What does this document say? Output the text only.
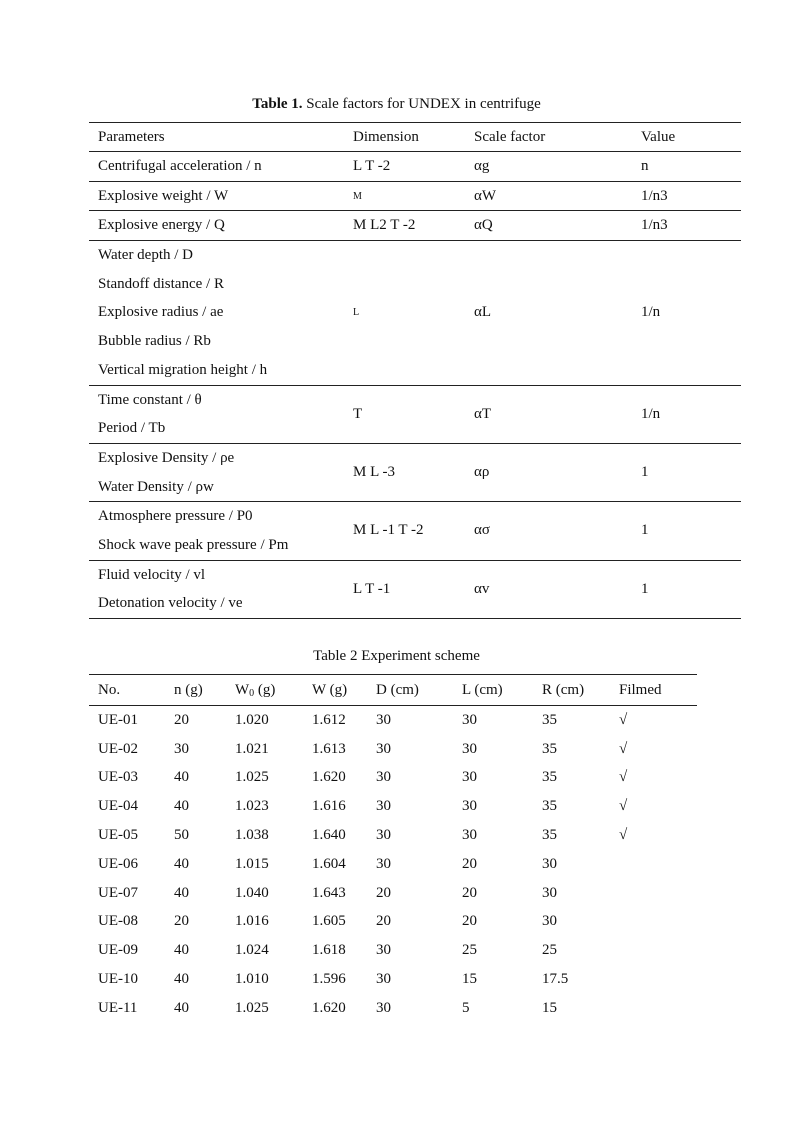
Table 1. Scale factors for UNDEX in centrifuge
Parameters	Dimension	Scale factor	Value

Centrifugal acceleration / n	L T -2	αg	n

Explosive weight / W	M	αW	1/n3

Explosive energy / Q	M L2 T -2	αQ	1/n3

Water depth / D
Standoff distance / R
Explosive radius / ae
Bubble radius / Rb
Vertical migration height / h	L	αL	1/n

Time constant / θ
Period / Tb	T	αT	1/n

Explosive Density / ρe
Water Density / ρw	M L -3	αρ	1

Atmosphere pressure / P0
Shock wave peak pressure / Pm	M L -1 T -2	ασ	1

Fluid velocity / vl
Detonation velocity / ve	L T -1	αv	1
Table 2 Experiment scheme
No.	n (g)	$W_0$ (g)	W (g)	D (cm)	L (cm)	R (cm)	Filmed
UE-01	20	1.020	1.612	30	30	35	√
UE-02	30	1.021	1.613	30	30	35	√
UE-03	40	1.025	1.620	30	30	35	√
UE-04	40	1.023	1.616	30	30	35	√
UE-05	50	1.038	1.640	30	30	35	√
UE-06	40	1.015	1.604	30	20	30	
UE-07	40	1.040	1.643	20	20	30	
UE-08	20	1.016	1.605	20	20	30	
UE-09	40	1.024	1.618	30	25	25	
UE-10	40	1.010	1.596	30	15	17.5	
UE-11	40	1.025	1.620	30	5	15	
